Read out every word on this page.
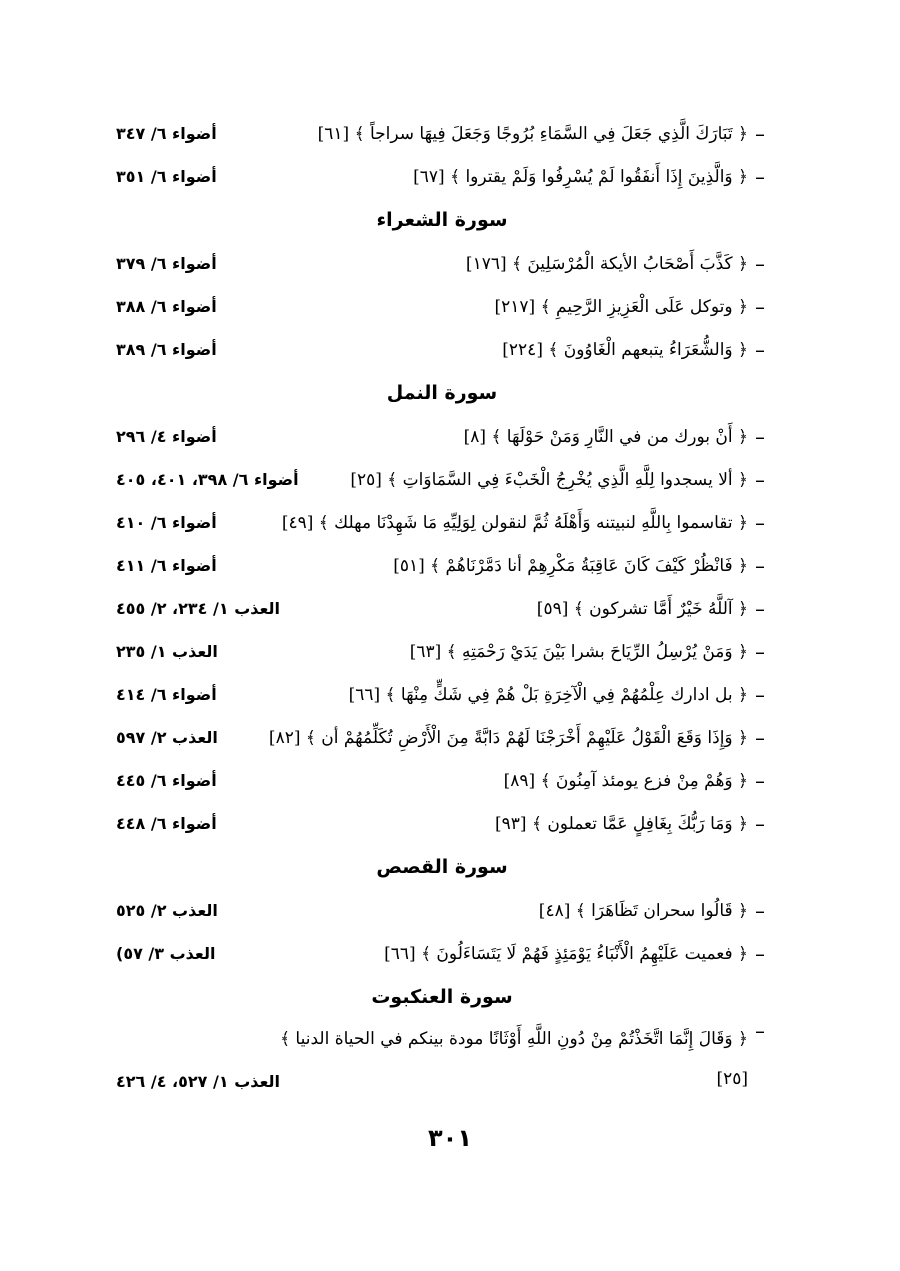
–
﴿ تَبَارَكَ الَّذِي جَعَلَ فِي السَّمَاءِ بُرُوجًا وَجَعَلَ فِيهَا سراجاً ﴾ [٦١]
أضواء ٦/ ٣٤٧
–
﴿ وَالَّذِينَ إِذَا أَنفَقُوا لَمْ يُسْرِفُوا وَلَمْ يقتروا ﴾ [٦٧]
أضواء ٦/ ٣٥١
سورة الشعراء
–
﴿ كَذَّبَ أَصْحَابُ الأيكة الْمُرْسَلِينَ ﴾ [١٧٦]
أضواء ٦/ ٣٧٩
–
﴿ وتوكل عَلَى الْعَزِيزِ الرَّحِيمِ ﴾ [٢١٧]
أضواء ٦/ ٣٨٨
–
﴿ وَالشُّعَرَاءُ يتبعهم الْغَاوُونَ ﴾ [٢٢٤]
أضواء ٦/ ٣٨٩
سورة النمل
–
﴿ أَنْ بورك من في النَّارِ وَمَنْ حَوْلَهَا ﴾ [٨]
أضواء ٤/ ٢٩٦
–
﴿ ألا يسجدوا لِلَّهِ الَّذِي يُخْرِجُ الْخَبْءَ فِي السَّمَاوَاتِ ﴾ [٢٥]
أضواء ٦/ ٣٩٨، ٤٠١، ٤٠٥
–
﴿ تقاسموا بِاللَّهِ لنبيتنه وَأَهْلَهُ ثُمَّ لنقولن لِوَلِيِّهِ مَا شَهِدْنَا مهلك ﴾ [٤٩]
أضواء ٦/ ٤١٠
–
﴿ فَانْظُرْ كَيْفَ كَانَ عَاقِبَةُ مَكْرِهِمْ أنا دَمَّرْنَاهُمْ ﴾ [٥١]
أضواء ٦/ ٤١١
–
﴿ آللَّهُ خَيْرٌ أَمَّا تشركون ﴾ [٥٩]
العذب ١/ ٢٣٤، ٢/ ٤٥٥
–
﴿ وَمَنْ يُرْسِلُ الرِّيَاحَ بشرا بَيْنَ يَدَيْ رَحْمَتِهِ ﴾ [٦٣]
العذب ١/ ٢٣٥
–
﴿ بل ادارك عِلْمُهُمْ فِي الْآخِرَةِ بَلْ هُمْ فِي شَكٍّ مِنْهَا ﴾ [٦٦]
أضواء ٦/ ٤١٤
–
﴿ وَإِذَا وَقَعَ الْقَوْلُ عَلَيْهِمْ أَخْرَجْنَا لَهُمْ دَابَّةً مِنَ الْأَرْضِ تُكَلِّمُهُمْ أن ﴾ [٨٢]
العذب ٢/ ٥٩٧
–
﴿ وَهُمْ مِنْ فزع يومئذ آمِنُونَ ﴾ [٨٩]
أضواء ٦/ ٤٤٥
–
﴿ وَمَا رَبُّكَ بِغَافِلٍ عَمَّا تعملون ﴾ [٩٣]
أضواء ٦/ ٤٤٨
سورة القصص
–
﴿ قَالُوا سحران تَظَاهَرَا ﴾ [٤٨]
العذب ٢/ ٥٢٥
–
﴿ فعميت عَلَيْهِمُ الْأَنْبَاءُ يَوْمَئِذٍ فَهُمْ لَا يَتَسَاءَلُونَ ﴾ [٦٦]
العذب ٣/ ٥٧)
سورة العنكبوت
–
﴿ وَقَالَ إِنَّمَا اتَّخَذْتُمْ مِنْ دُونِ اللَّهِ أَوْثَانًا مودة بينكم في الحياة الدنيا ﴾ [٢٥]
العذب ١/ ٥٢٧، ٤/ ٤٢٦
٣٠١
